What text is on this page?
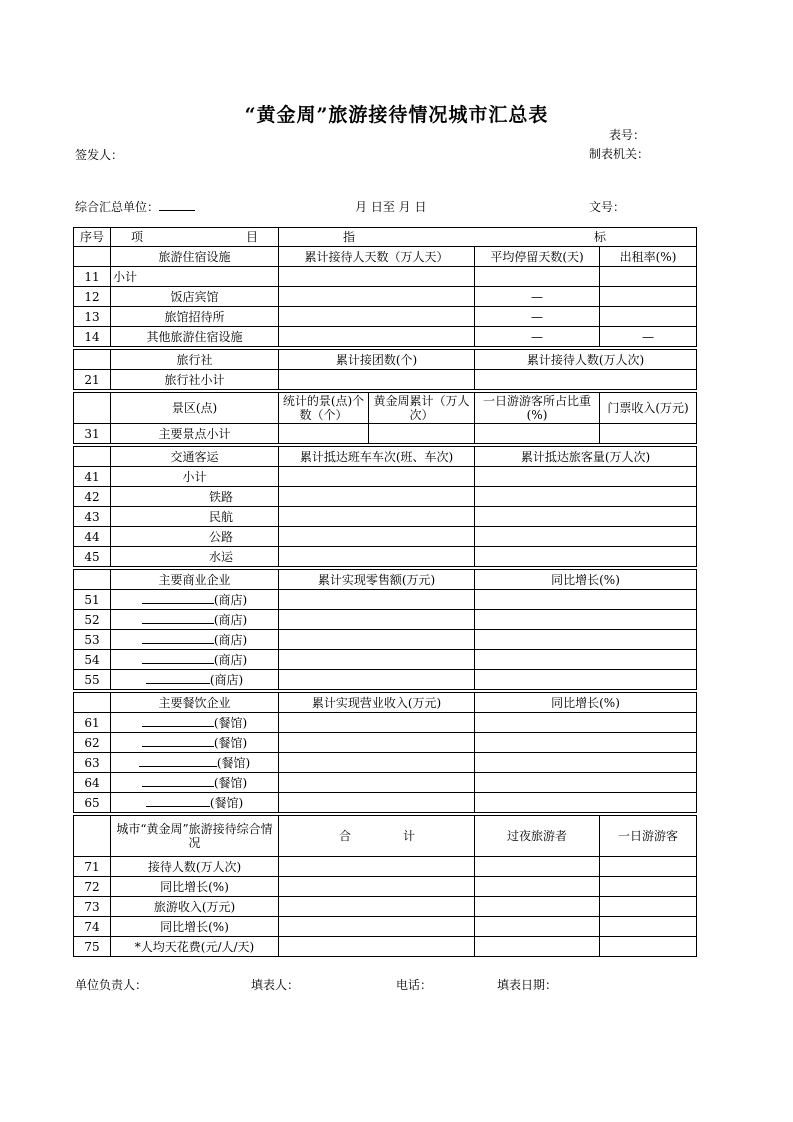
“黄金周”旅游接待情况城市汇总表
表号：
签发人：	制表机关：
综合汇总单位：	月 日至 月 日	文号：
序号	项 目	指 标			

	旅游住宿设施	累计接待人天数（万人天）		平均停留天数(天)	出租率(%)
11	小计				
12	饭店宾馆			—	
13	旅馆招待所			—	
14	其他旅游住宿设施			—	—

	旅行社	累计接团数(个)		累计接待人数(万人次)	
21	旅行社小计				

	景区(点)	统计的景(点)个数（个）	黄金周累计（万人次）	一日游游客所占比重(%)	门票收入(万元)
31	主要景点小计				

	交通客运	累计抵达班车车次(班、车次)		累计抵达旅客量(万人次)	
41	小计				
42	铁路				
43	民航				
44	公路				
45	水运				

	主要商业企业	累计实现零售额(万元)		同比增长(%)	
51	(商店)				
52	(商店)				
53	(商店)				
54	(商店)				
55	(商店)				

	主要餐饮企业	累计实现营业收入(万元)		同比增长(%)	
61	(餐馆)				
62	(餐馆)				
63	(餐馆)				
64	(餐馆)				
65	(餐馆)				

	城市“黄金周”旅游接待综合情况	合 计		过夜旅游者	一日游游客
71	接待人数(万人次)				
72	同比增长(%)				
73	旅游收入(万元)				
74	同比增长(%)				
75	*人均天花费(元/人/天)				
单位负责人：	填表人：	电话：	填表日期：
